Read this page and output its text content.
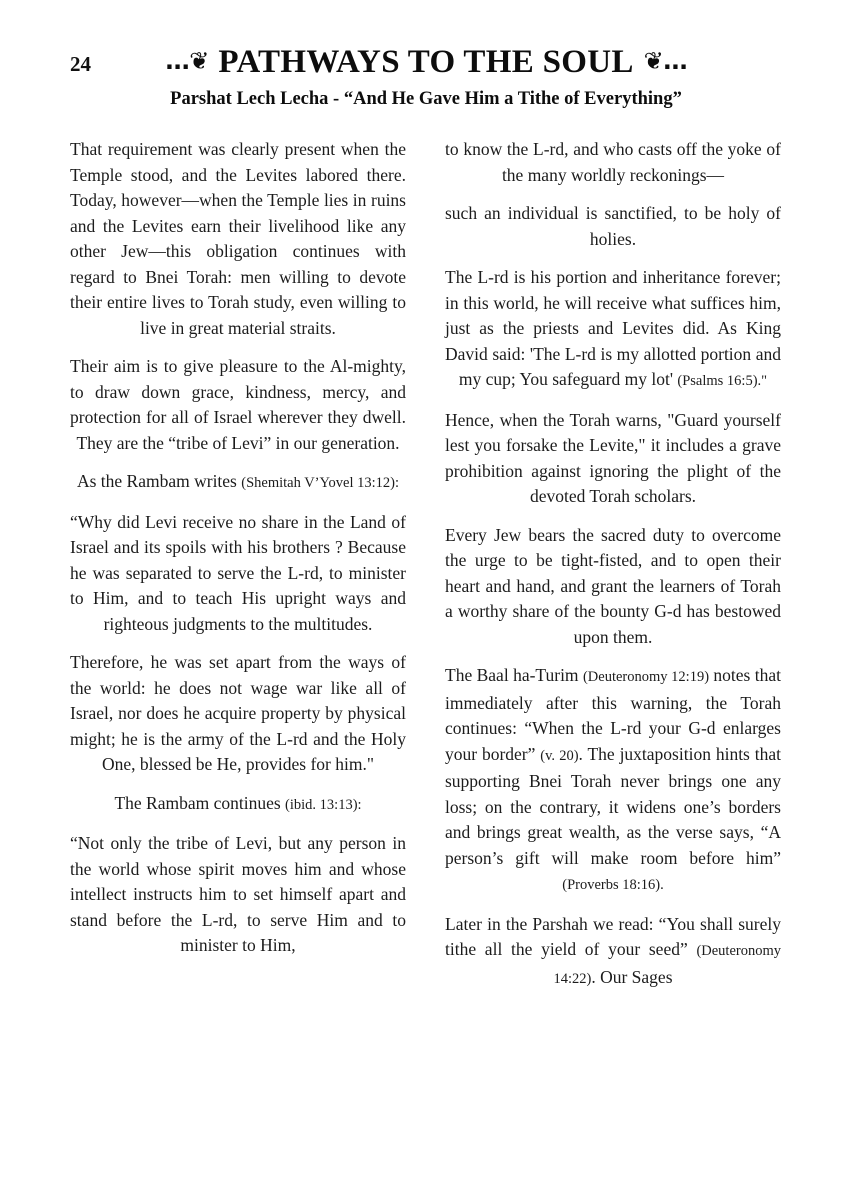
24	...❦ PATHWAYS TO THE SOUL ❦...
Parshat Lech Lecha - “And He Gave Him a Tithe of Everything”

That requirement was clearly present when the Temple stood, and the Levites labored there. Today, however—when the Temple lies in ruins and the Levites earn their livelihood like any other Jew—this obligation continues with regard to Bnei Torah: men willing to devote their entire lives to Torah study, even willing to live in great material straits.

Their aim is to give pleasure to the Al-mighty, to draw down grace, kindness, mercy, and protection for all of Israel wherever they dwell. They are the “tribe of Levi” in our generation.

As the Rambam writes (Shemitah V’Yovel 13:12):

“Why did Levi receive no share in the Land of Israel and its spoils with his brothers ? Because he was separated to serve the L-rd, to minister to Him, and to teach His upright ways and righteous judgments to the multitudes.

Therefore, he was set apart from the ways of the world: he does not wage war like all of Israel, nor does he acquire property by physical might; he is the army of the L-rd and the Holy One, blessed be He, provides for him."

The Rambam continues (ibid. 13:13):

“Not only the tribe of Levi, but any person in the world whose spirit moves him and whose intellect instructs him to set himself apart and stand before the L-rd, to serve Him and to minister to Him,

to know the L-rd, and who casts off the yoke of the many worldly reckonings—

such an individual is sanctified, to be holy of holies.

The L-rd is his portion and inheritance forever; in this world, he will receive what suffices him, just as the priests and Levites did. As King David said: 'The L-rd is my allotted portion and my cup; You safeguard my lot' (Psalms 16:5)."

Hence, when the Torah warns, "Guard yourself lest you forsake the Levite," it includes a grave prohibition against ignoring the plight of the devoted Torah scholars.

Every Jew bears the sacred duty to overcome the urge to be tight-fisted, and to open their heart and hand, and grant the learners of Torah a worthy share of the bounty G-d has bestowed upon them.

The Baal ha-Turim (Deuteronomy 12:19) notes that immediately after this warning, the Torah continues: “When the L-rd your G-d enlarges your border” (v. 20). The juxtaposition hints that supporting Bnei Torah never brings one any loss; on the contrary, it widens one’s borders and brings great wealth, as the verse says, “A person’s gift will make room before him” (Proverbs 18:16).

Later in the Parshah we read: “You shall surely tithe all the yield of your seed” (Deuteronomy 14:22). Our Sages
